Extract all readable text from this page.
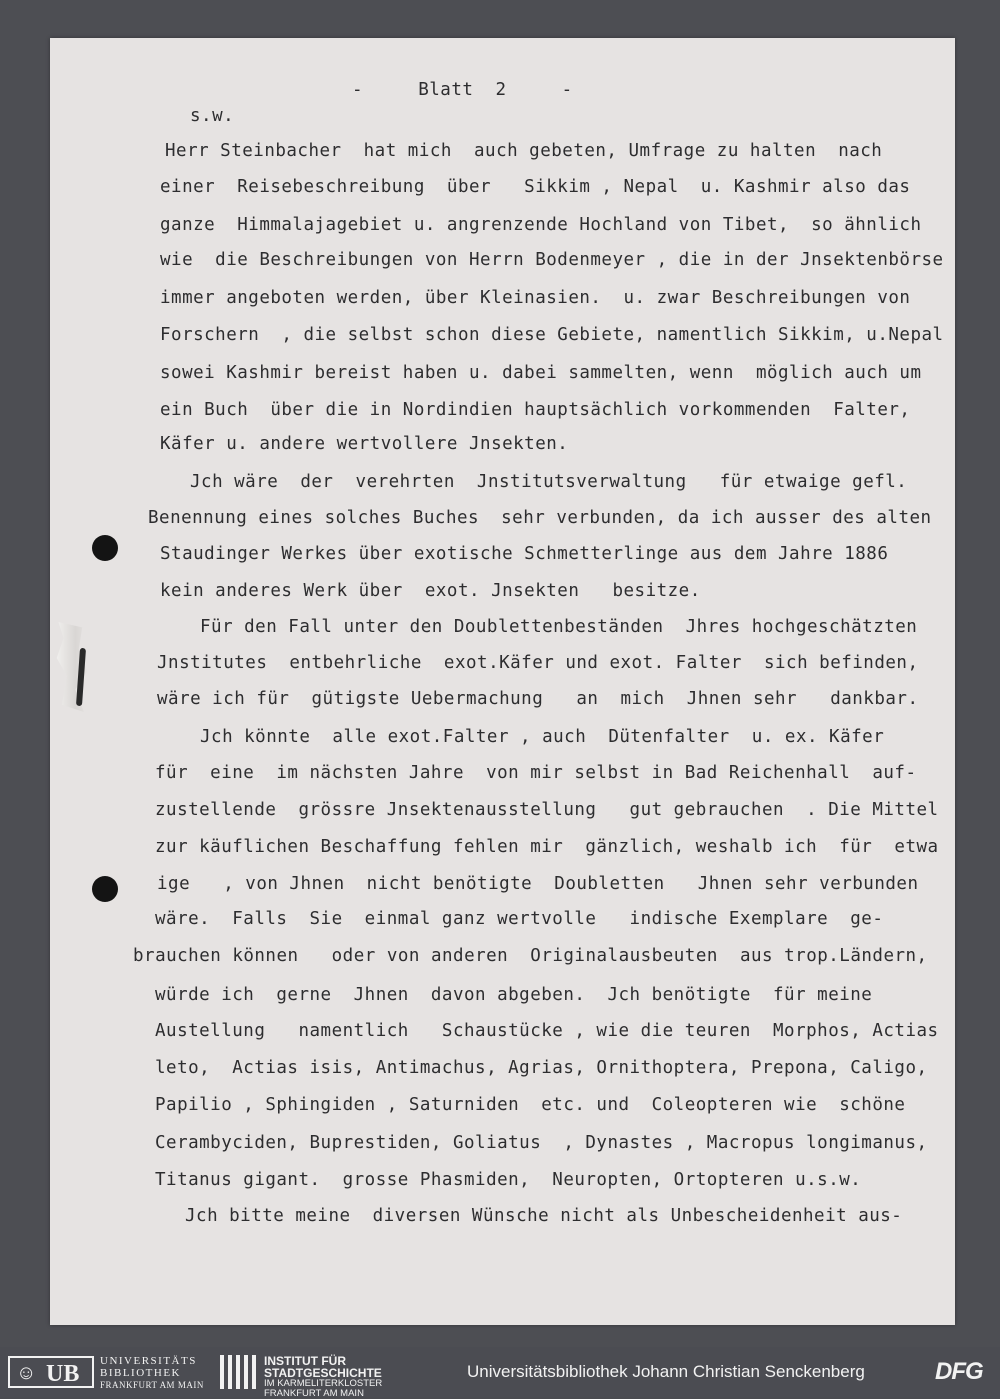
-     Blatt  2     -
s.w.
Herr Steinbacher  hat mich  auch gebeten, Umfrage zu halten  nach
einer  Reisebeschreibung  über   Sikkim , Nepal  u. Kashmir also das
ganze  Himmalajagebiet u. angrenzende Hochland von Tibet,  so ähnlich
wie  die Beschreibungen von Herrn Bodenmeyer , die in der Jnsektenbörse
immer angeboten werden, über Kleinasien.  u. zwar Beschreibungen von
Forschern  , die selbst schon diese Gebiete, namentlich Sikkim, u.Nepal
sowei Kashmir bereist haben u. dabei sammelten, wenn  möglich auch um
ein Buch  über die in Nordindien hauptsächlich vorkommenden  Falter,
Käfer u. andere wertvollere Jnsekten.
Jch wäre  der  verehrten  Jnstitutsverwaltung   für etwaige gefl.
Benennung eines solches Buches  sehr verbunden, da ich ausser des alten
Staudinger Werkes über exotische Schmetterlinge aus dem Jahre 1886
kein anderes Werk über  exot. Jnsekten   besitze.
Für den Fall unter den Doublettenbeständen  Jhres hochgeschätzten
Jnstitutes  entbehrliche  exot.Käfer und exot. Falter  sich befinden,
wäre ich für  gütigste Uebermachung   an  mich  Jhnen sehr   dankbar.
Jch könnte  alle exot.Falter , auch  Dütenfalter  u. ex. Käfer
für  eine  im nächsten Jahre  von mir selbst in Bad Reichenhall  auf-
zustellende  grössre Jnsektenausstellung   gut gebrauchen  . Die Mittel
zur käuflichen Beschaffung fehlen mir  gänzlich, weshalb ich  für  etwa
ige   , von Jhnen  nicht benötigte  Doubletten   Jhnen sehr verbunden
wäre.  Falls  Sie  einmal ganz wertvolle   indische Exemplare  ge-
brauchen können   oder von anderen  Originalausbeuten  aus trop.Ländern,
würde ich  gerne  Jhnen  davon abgeben.  Jch benötigte  für meine
Austellung   namentlich   Schaustücke , wie die teuren  Morphos, Actias
leto,  Actias isis, Antimachus, Agrias, Ornithoptera, Prepona, Caligo,
Papilio , Sphingiden , Saturniden  etc. und  Coleopteren wie  schöne
Cerambyciden, Buprestiden, Goliatus  , Dynastes , Macropus longimanus,
Titanus gigant.  grosse Phasmiden,  Neuropten, Ortopteren u.s.w.
Jch bitte meine  diversen Wünsche nicht als Unbescheidenheit aus-
☺ UB UNIVERSITÄTS
BIBLIOTHEK
FRANKFURT AM MAIN
INSTITUT FÜR
STADTGESCHICHTE
IM KARMELITERKLOSTER
FRANKFURT AM MAIN
Universitätsbibliothek Johann Christian Senckenberg	DFG
